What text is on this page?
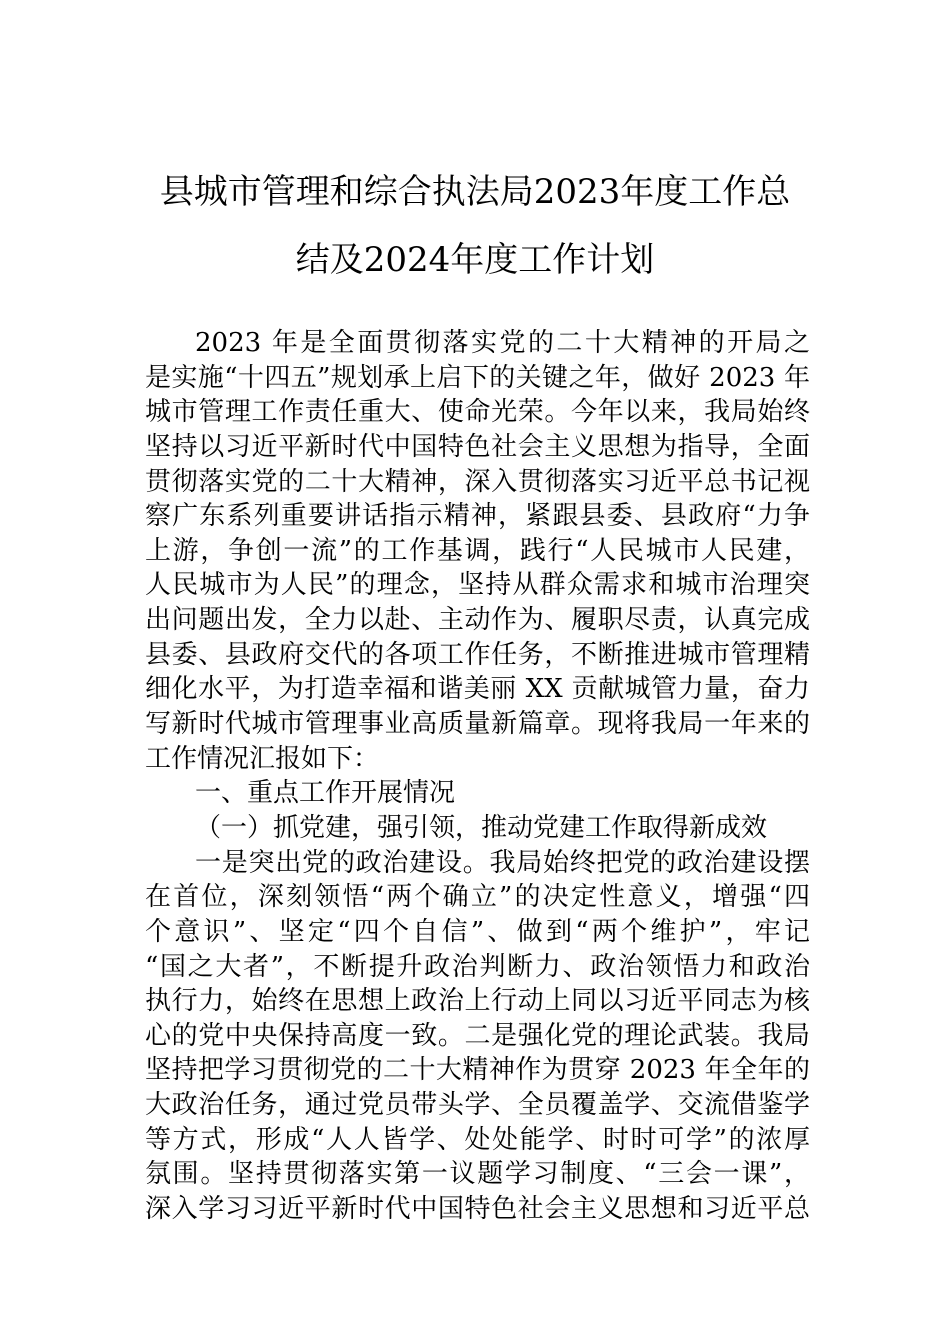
县城市管理和综合执法局2023年度工作总
结及2024年度工作计划
2023 年是全面贯彻落实党的二十大精神的开局之
是实施“十四五”规划承上启下的关键之年，做好 2023 年
城市管理工作责任重大、使命光荣。今年以来，我局始终
坚持以习近平新时代中国特色社会主义思想为指导，全面
贯彻落实党的二十大精神，深入贯彻落实习近平总书记视
察广东系列重要讲话指示精神，紧跟县委、县政府“力争
上游，争创一流”的工作基调，践行“人民城市人民建，
人民城市为人民”的理念，坚持从群众需求和城市治理突
出问题出发，全力以赴、主动作为、履职尽责，认真完成
县委、县政府交代的各项工作任务，不断推进城市管理精
细化水平，为打造幸福和谐美丽 XX 贡献城管力量，奋力
写新时代城市管理事业高质量新篇章。现将我局一年来的
工作情况汇报如下：
一、重点工作开展情况
（一）抓党建，强引领，推动党建工作取得新成效
一是突出党的政治建设。我局始终把党的政治建设摆
在首位，深刻领悟“两个确立”的决定性意义，增强“四
个意识”、坚定“四个自信”、做到“两个维护”，牢记
“国之大者”，不断提升政治判断力、政治领悟力和政治
执行力，始终在思想上政治上行动上同以习近平同志为核
心的党中央保持高度一致。二是强化党的理论武装。我局
坚持把学习贯彻党的二十大精神作为贯穿 2023 年全年的
大政治任务，通过党员带头学、全员覆盖学、交流借鉴学
等方式，形成“人人皆学、处处能学、时时可学”的浓厚
氛围。坚持贯彻落实第一议题学习制度、“三会一课”，
深入学习习近平新时代中国特色社会主义思想和习近平总
